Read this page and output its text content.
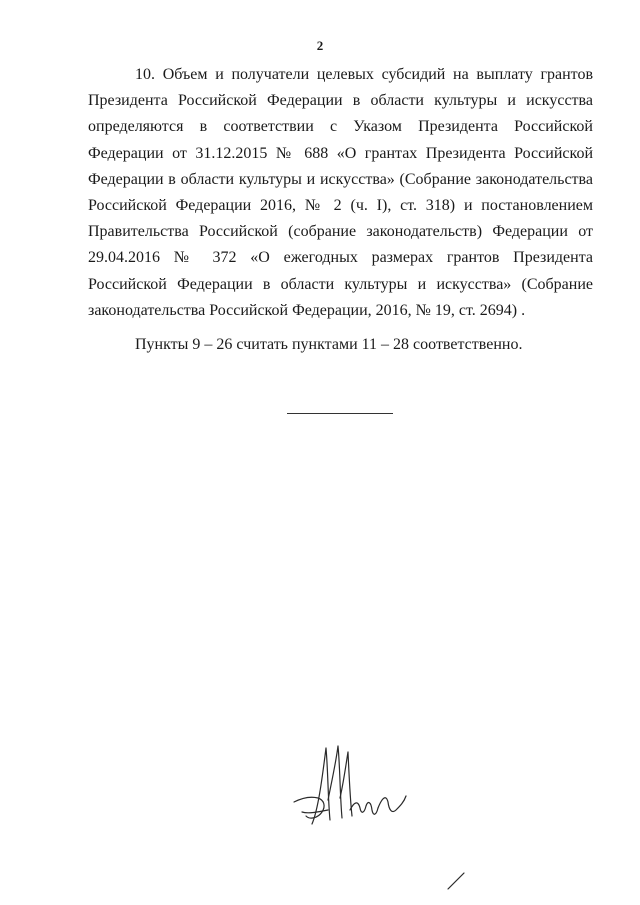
2

10. Объем и получатели целевых субсидий на выплату грантов Президента Российской Федерации в области культуры и искусства определяются в соответствии с Указом Президента Российской Федерации от 31.12.2015 № 688 «О грантах Президента Российской Федерации в области культуры и искусства» (Собрание законодательства Российской Федерации 2016, № 2 (ч. I), ст. 318) и постановлением Правительства Российской (собрание законодательств) Федерации от 29.04.2016 № 372 «О ежегодных размерах грантов Президента Российской Федерации в области культуры и искусства» (Собрание законодательства Российской Федерации, 2016, № 19, ст. 2694) .

Пункты 9 – 26 считать пунктами 11 – 28 соответственно.
